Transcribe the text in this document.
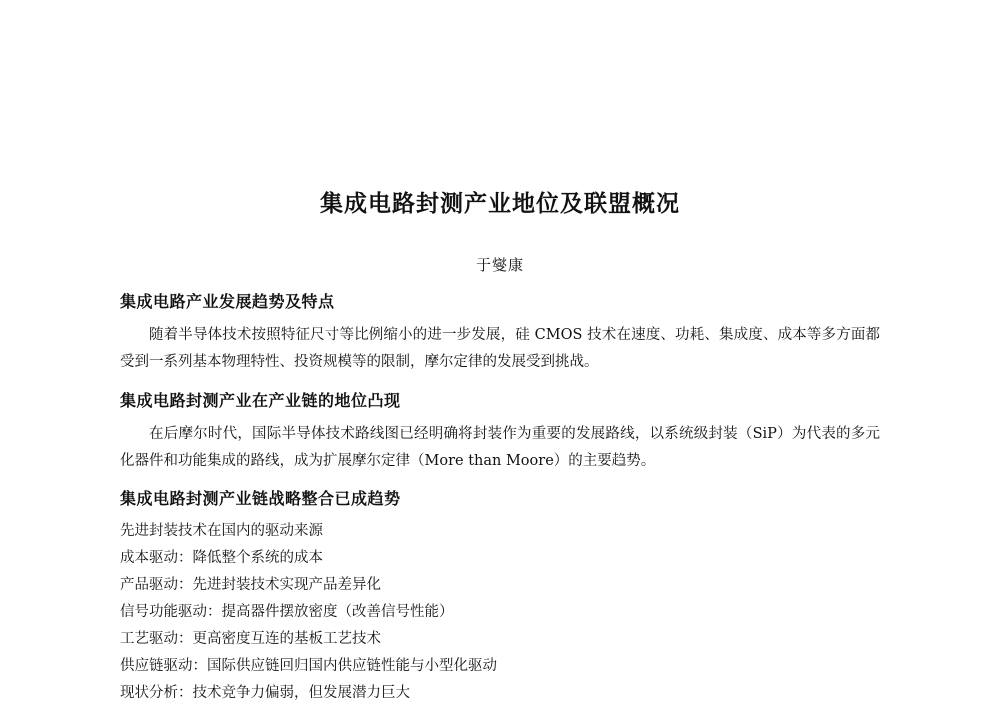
集成电路封测产业地位及联盟概况
于燮康
集成电路产业发展趋势及特点
随着半导体技术按照特征尺寸等比例缩小的进一步发展，硅 CMOS 技术在速度、功耗、集成度、成本等多方面都受到一系列基本物理特性、投资规模等的限制，摩尔定律的发展受到挑战。
集成电路封测产业在产业链的地位凸现
在后摩尔时代，国际半导体技术路线图已经明确将封装作为重要的发展路线，以系统级封装（SiP）为代表的多元化器件和功能集成的路线，成为扩展摩尔定律（More than Moore）的主要趋势。
集成电路封测产业链战略整合已成趋势
先进封装技术在国内的驱动来源
成本驱动：降低整个系统的成本
产品驱动：先进封装技术实现产品差异化
信号功能驱动：提高器件摆放密度（改善信号性能）
工艺驱动：更高密度互连的基板工艺技术
供应链驱动：国际供应链回归国内供应链性能与小型化驱动
现状分析：技术竞争力偏弱，但发展潜力巨大
